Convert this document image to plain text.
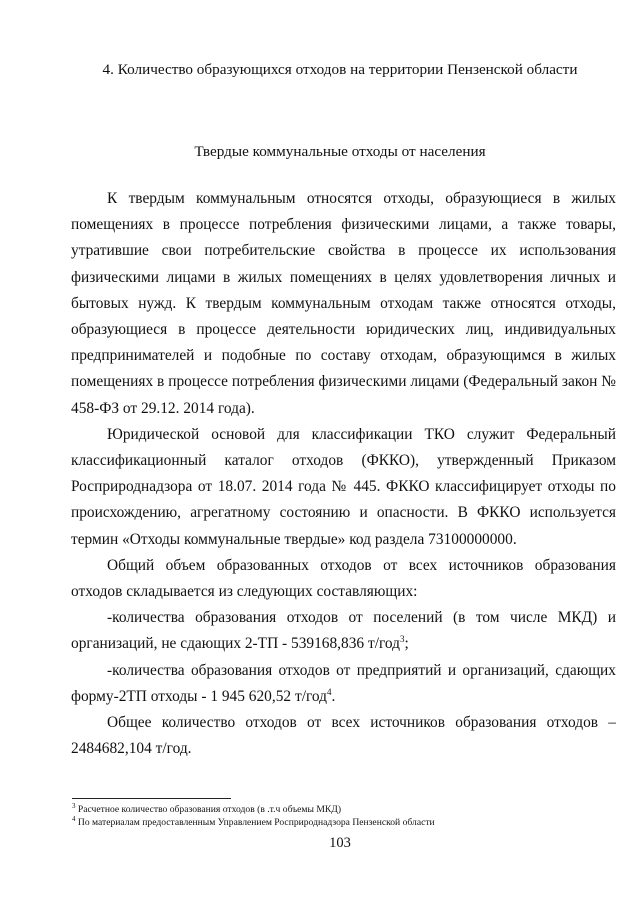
4. Количество образующихся отходов на территории Пензенской области
Твердые коммунальные отходы от населения

К твердым коммунальным относятся отходы, образующиеся в жилых помещениях в процессе потребления физическими лицами, а также товары, утратившие свои потребительские свойства в процессе их использования физическими лицами в жилых помещениях в целях удовлетворения личных и бытовых нужд. К твердым коммунальным отходам также относятся отходы, образующиеся в процессе деятельности юридических лиц, индивидуальных предпринимателей и подобные по составу отходам, образующимся в жилых помещениях в процессе потребления физическими лицами (Федеральный закон № 458-ФЗ от 29.12. 2014 года).

Юридической основой для классификации ТКО служит Федеральный классификационный каталог отходов (ФККО), утвержденный Приказом Росприроднадзора от 18.07. 2014 года № 445. ФККО классифицирует отходы по происхождению, агрегатному состоянию и опасности. В ФККО используется термин «Отходы коммунальные твердые» код раздела 73100000000.

Общий объем образованных отходов от всех источников образования отходов складывается из следующих составляющих:

-количества образования отходов от поселений (в том числе МКД) и организаций, не сдающих 2-ТП - 539168,836 т/год$^3$;

-количества образования отходов от предприятий и организаций, сдающих форму-2ТП отходы - 1 945 620,52 т/год$^4$.

Общее количество отходов от всех источников образования отходов – 2484682,104 т/год.

$^3$ Расчетное количество образования отходов (в .т.ч объемы МКД)
$^4$ По материалам предоставленным Управлением Росприроднадзора Пензенской области
103
